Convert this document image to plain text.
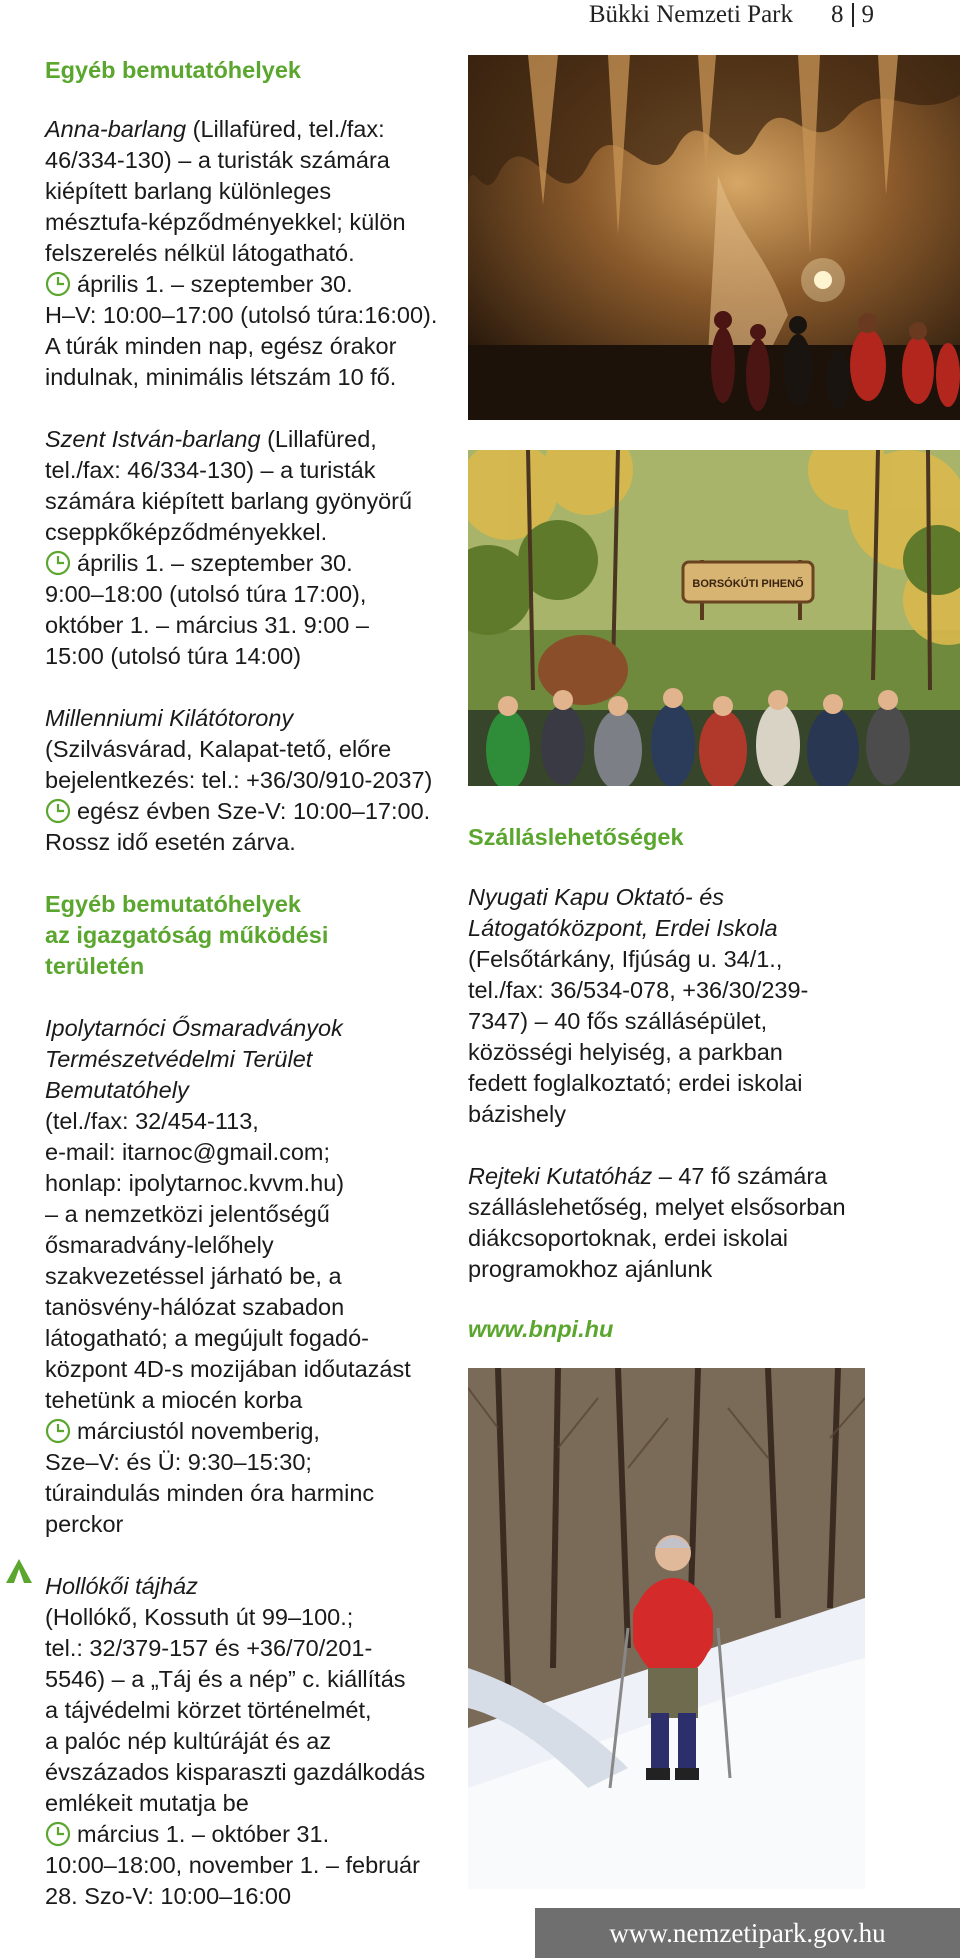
Bükki Nemzeti Park 8 9

Egyéb bemutatóhelyek

Anna-barlang (Lillafüred, tel./fax:

46/334-130) – a turisták számára

kiépített barlang különleges

mésztufa-képződményekkel; külön

felszerelés nélkül látogatható.

április 1. – szeptember 30.

H–V: 10:00–17:00 (utolsó túra:16:00).

A túrák minden nap, egész órakor

indulnak, minimális létszám 10 fő.

Szent István-barlang (Lillafüred,

tel./fax: 46/334-130) – a turisták

számára kiépített barlang gyönyörű

cseppkőképződményekkel.

április 1. – szeptember 30.

9:00–18:00 (utolsó túra 17:00),

október 1. – március 31. 9:00 –

15:00 (utolsó túra 14:00)

Millenniumi Kilátótorony

(Szilvásvárad, Kalapat-tető, előre

bejelentkezés: tel.: +36/30/910-2037)

egész évben Sze-V: 10:00–17:00.

Rossz idő esetén zárva.

Egyéb bemutatóhelyek

az igazgatóság működési

területén

Ipolytarnóci Ősmaradványok

Természetvédelmi Terület

Bemutatóhely

(tel./fax: 32/454-113,

e-mail: itarnoc@gmail.com;

honlap: ipolytarnoc.kvvm.hu)

– a nemzetközi jelentőségű

ősmaradvány-lelőhely

szakvezetéssel járható be, a

tanösvény-hálózat szabadon

látogatható; a megújult fogadó-

központ 4D-s mozijában időutazást

tehetünk a miocén korba

márciustól novemberig,

Sze–V: és Ü: 9:30–15:30;

túraindulás minden óra harminc

perckor

Hollókői tájház

(Hollókő, Kossuth út 99–100.;

tel.: 32/379-157 és +36/70/201-

5546) – a „Táj és a nép” c. kiállítás

a tájvédelmi körzet történelmét,

a palóc nép kultúráját és az

évszázados kisparaszti gazdálkodás

emlékeit mutatja be

március 1. – október 31.

10:00–18:00, november 1. – február

28. Szo-V: 10:00–16:00

BORSÓKÚTI PIHENŐ

Szálláslehetőségek

Nyugati Kapu Oktató- és

Látogatóközpont, Erdei Iskola

(Felsőtárkány, Ifjúság u. 34/1.,

tel./fax: 36/534-078, +36/30/239-

7347) – 40 fős szállásépület,

közösségi helyiség, a parkban

fedett foglalkoztató; erdei iskolai

bázishely

Rejteki Kutatóház – 47 fő számára

szálláslehetőség, melyet elsősorban

diákcsoportoknak, erdei iskolai

programokhoz ajánlunk

www.bnpi.hu

www.nemzetipark.gov.hu
